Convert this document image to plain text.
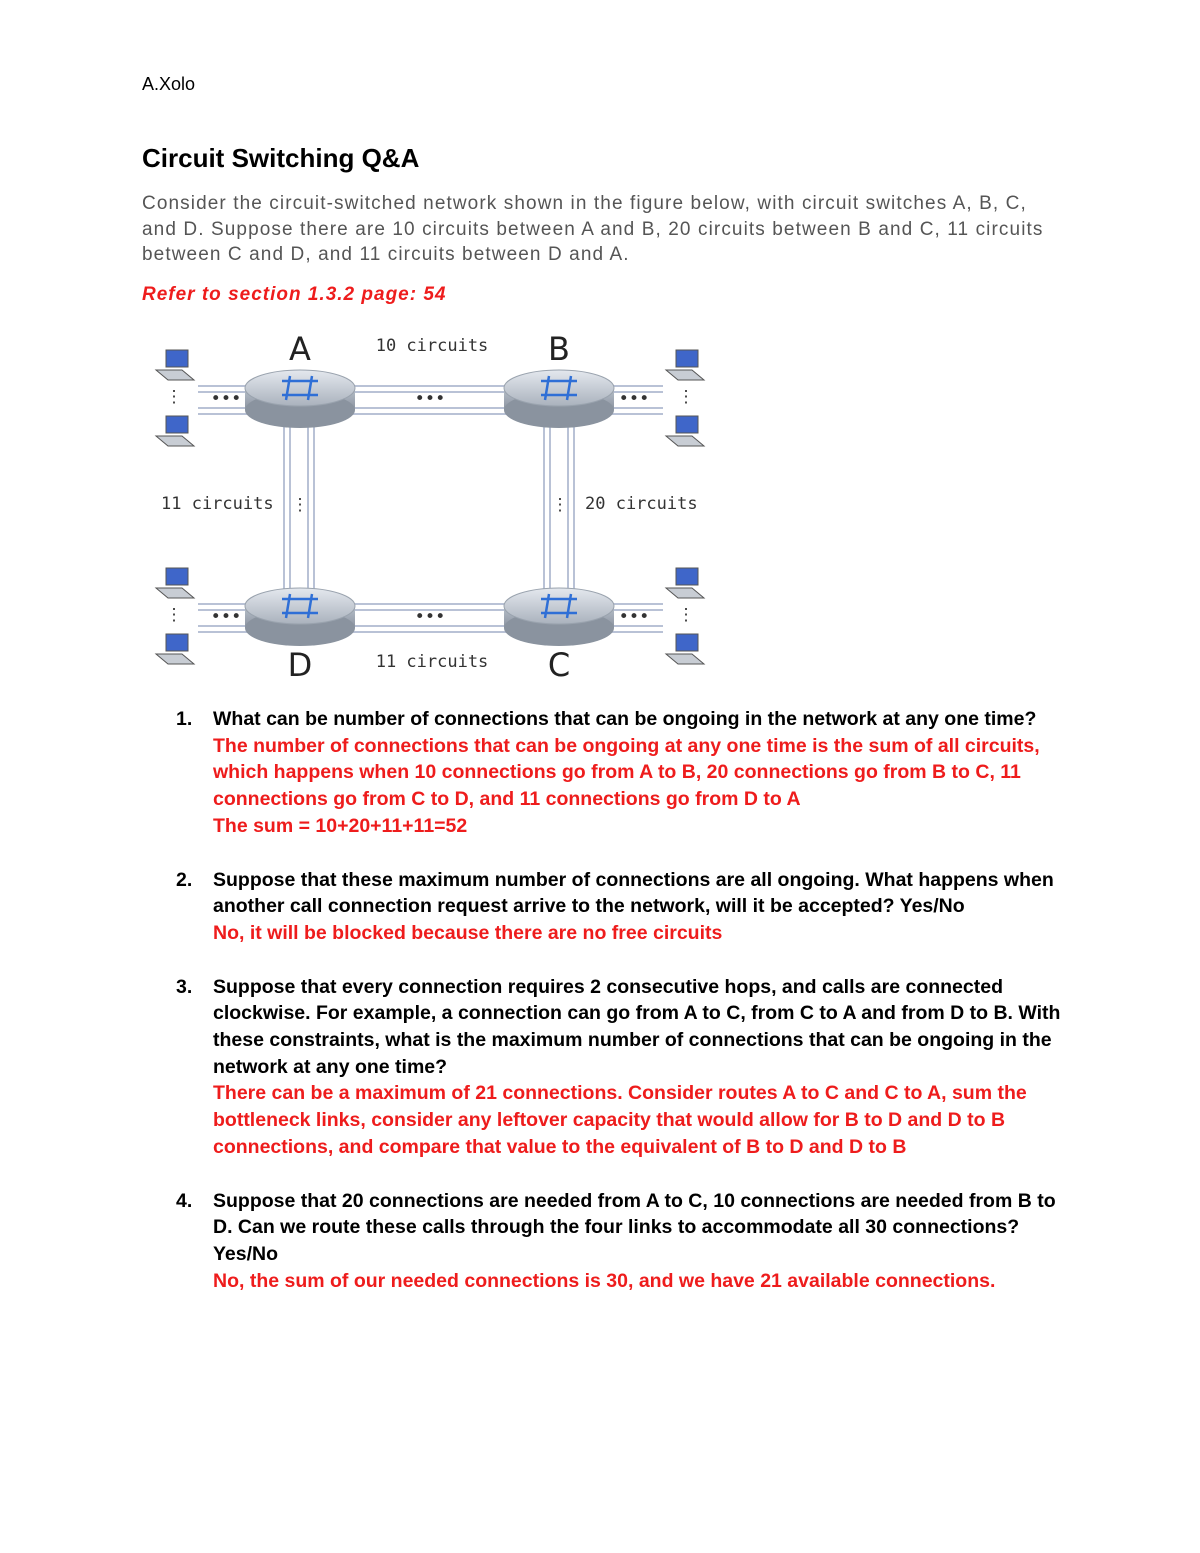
A.Xolo
Circuit Switching Q&A

Consider the circuit-switched network shown in the figure below, with circuit switches A, B, C, and D. Suppose there are 10 circuits between A and B, 20 circuits between B and C, 11 circuits between C and D, and 11 circuits between D and A.

Refer to section 1.3.2 page: 54
•••
•••
•••	•••
•••	•••
⋮	⋮
⋮	⋮
⋮	⋮
A	B
D	C
10 circuits
11 circuits	20 circuits
11 circuits
1. What can be number of connections that can be ongoing in the network at any one time?
The number of connections that can be ongoing at any one time is the sum of all circuits, which happens when 10 connections go from A to B, 20 connections go from B to C, 11 connections go from C to D, and 11 connections go from D to A
The sum = 10+20+11+11=52
2. Suppose that these maximum number of connections are all ongoing. What happens when another call connection request arrive to the network, will it be accepted? Yes/No
No, it will be blocked because there are no free circuits
3. Suppose that every connection requires 2 consecutive hops, and calls are connected clockwise. For example, a connection can go from A to C, from C to A and from D to B. With these constraints, what is the maximum number of connections that can be ongoing in the network at any one time?
There can be a maximum of 21 connections. Consider routes A to C and C to A, sum the bottleneck links, consider any leftover capacity that would allow for B to D and D to B connections, and compare that value to the equivalent of B to D and D to B
4. Suppose that 20 connections are needed from A to C, 10 connections are needed from B to D. Can we route these calls through the four links to accommodate all 30 connections? Yes/No
No, the sum of our needed connections is 30, and we have 21 available connections.
